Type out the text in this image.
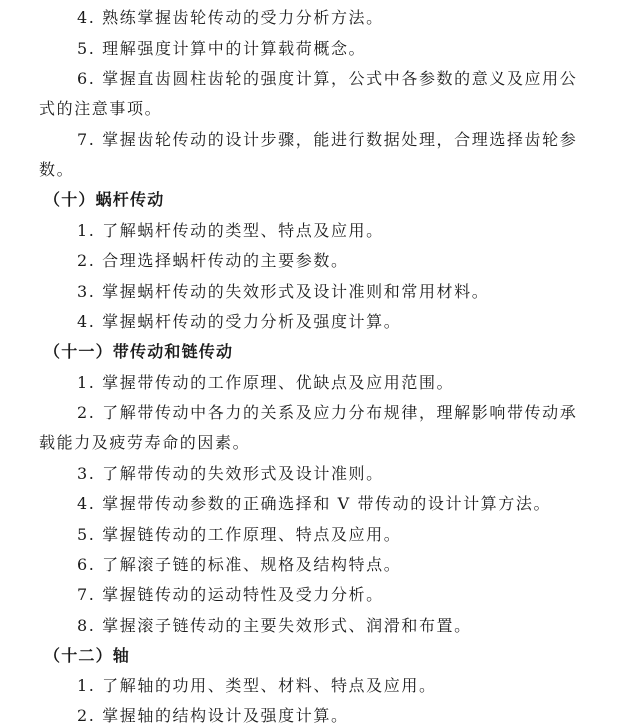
4. 熟练掌握齿轮传动的受力分析方法。
5. 理解强度计算中的计算载荷概念。
6. 掌握直齿圆柱齿轮的强度计算，公式中各参数的意义及应用公
式的注意事项。
7. 掌握齿轮传动的设计步骤，能进行数据处理，合理选择齿轮参
数。
（十）蜗杆传动
1. 了解蜗杆传动的类型、特点及应用。
2. 合理选择蜗杆传动的主要参数。
3. 掌握蜗杆传动的失效形式及设计准则和常用材料。
4. 掌握蜗杆传动的受力分析及强度计算。
（十一）带传动和链传动
1. 掌握带传动的工作原理、优缺点及应用范围。
2. 了解带传动中各力的关系及应力分布规律，理解影响带传动承
载能力及疲劳寿命的因素。
3. 了解带传动的失效形式及设计准则。
4. 掌握带传动参数的正确选择和 V 带传动的设计计算方法。
5. 掌握链传动的工作原理、特点及应用。
6. 了解滚子链的标准、规格及结构特点。
7. 掌握链传动的运动特性及受力分析。
8. 掌握滚子链传动的主要失效形式、润滑和布置。
（十二）轴
1. 了解轴的功用、类型、材料、特点及应用。
2. 掌握轴的结构设计及强度计算。
